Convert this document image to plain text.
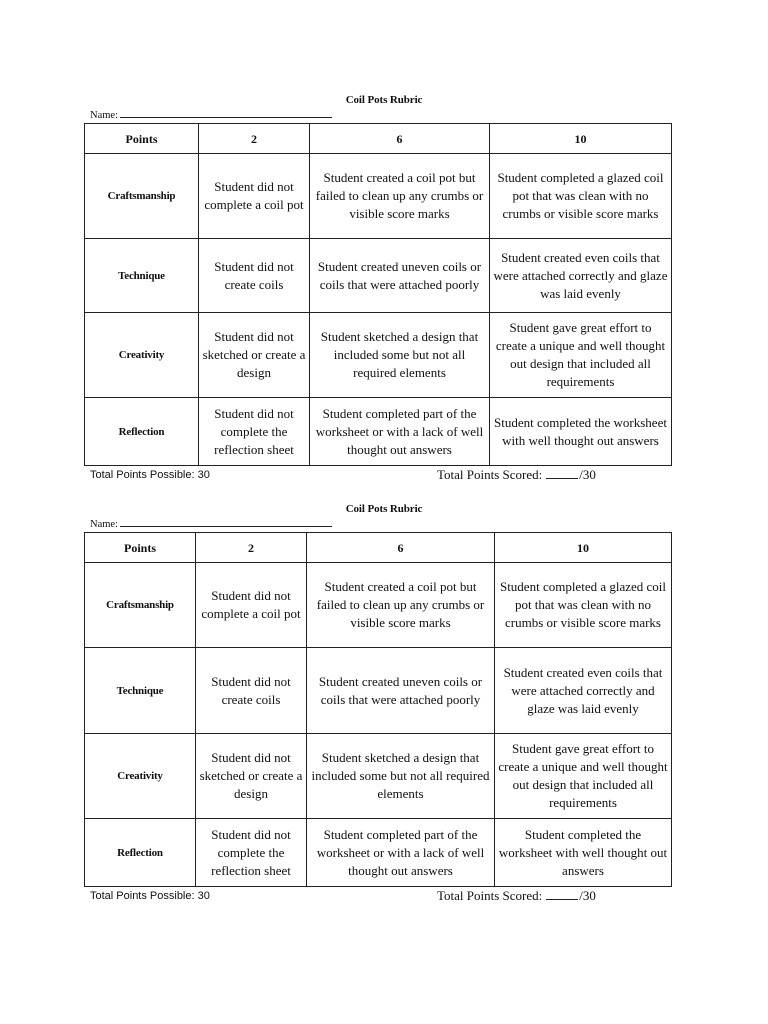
Coil Pots Rubric
Name:
Points	2	6	10
Craftsmanship	Student did not complete a coil pot	Student created a coil pot but failed to clean up any crumbs or visible score marks	Student completed a glazed coil pot that was clean with no crumbs or visible score marks
Technique	Student did not create coils	Student created uneven coils or coils that were attached poorly	Student created even coils that were attached correctly and glaze was laid evenly
Creativity	Student did not sketched or create a design	Student sketched a design that included some but not all required elements	Student gave great effort to create a unique and well thought out design that included all requirements
Reflection	Student did not complete the reflection sheet	Student completed part of the worksheet or with a lack of well thought out answers	Student completed the worksheet with well thought out answers
Total Points Possible: 30	Total Points Scored:	/30
Coil Pots Rubric
Name:
Points	2	6	10
Craftsmanship	Student did not complete a coil pot	Student created a coil pot but failed to clean up any crumbs or visible score marks	Student completed a glazed coil pot that was clean with no crumbs or visible score marks
Technique	Student did not create coils	Student created uneven coils or coils that were attached poorly	Student created even coils that were attached correctly and glaze was laid evenly
Creativity	Student did not sketched or create a design	Student sketched a design that included some but not all required elements	Student gave great effort to create a unique and well thought out design that included all requirements
Reflection	Student did not complete the reflection sheet	Student completed part of the worksheet or with a lack of well thought out answers	Student completed the worksheet with well thought out answers
Total Points Possible: 30	Total Points Scored:	/30
